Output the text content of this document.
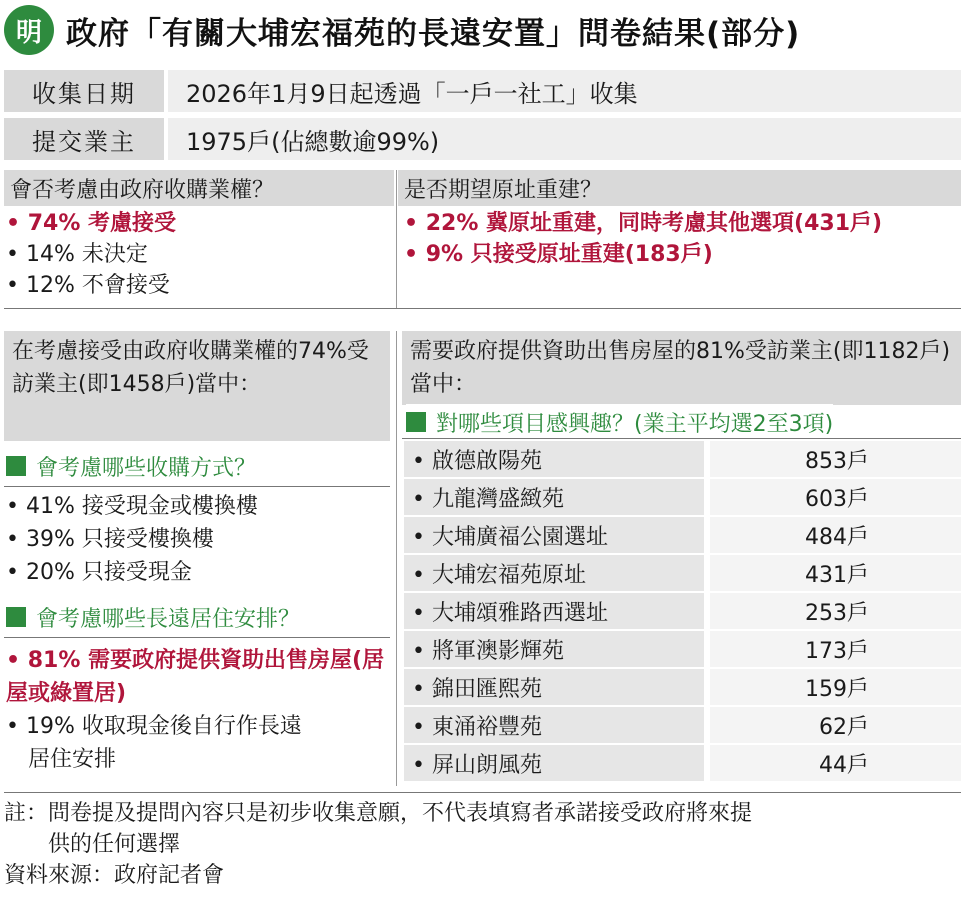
明 政府「有關大埔宏福苑的長遠安置」問卷結果(部分)
收集日期	2026年1月9日起透過「一戶一社工」收集
提交業主	1975戶(佔總數逾99%)
會否考慮由政府收購業權？	是否期望原址重建？
• 74% 考慮接受
• 14% 未決定
• 12% 不會接受
• 22% 冀原址重建，同時考慮其他選項(431戶)
• 9% 只接受原址重建(183戶)
在考慮接受由政府收購業權的74%受訪業主(即1458戶)當中：
會考慮哪些收購方式？
• 41% 接受現金或樓換樓
• 39% 只接受樓換樓
• 20% 只接受現金
會考慮哪些長遠居住安排？
• 81% 需要政府提供資助出售房屋(居屋或綠置居)
• 19% 收取現金後自行作長遠
居住安排
需要政府提供資助出售房屋的81%受訪業主(即1182戶)當中：
對哪些項目感興趣？(業主平均選2至3項)
• 啟德啟陽苑	853戶
• 九龍灣盛緻苑	603戶
• 大埔廣福公園選址	484戶
• 大埔宏福苑原址	431戶
• 大埔頌雅路西選址	253戶
• 將軍澳影輝苑	173戶
• 錦田匯熙苑	159戶
• 東涌裕豐苑	62戶
• 屏山朗風苑	44戶
註：問卷提及提問內容只是初步收集意願，不代表填寫者承諾接受政府將來提
供的任何選擇
資料來源：政府記者會
